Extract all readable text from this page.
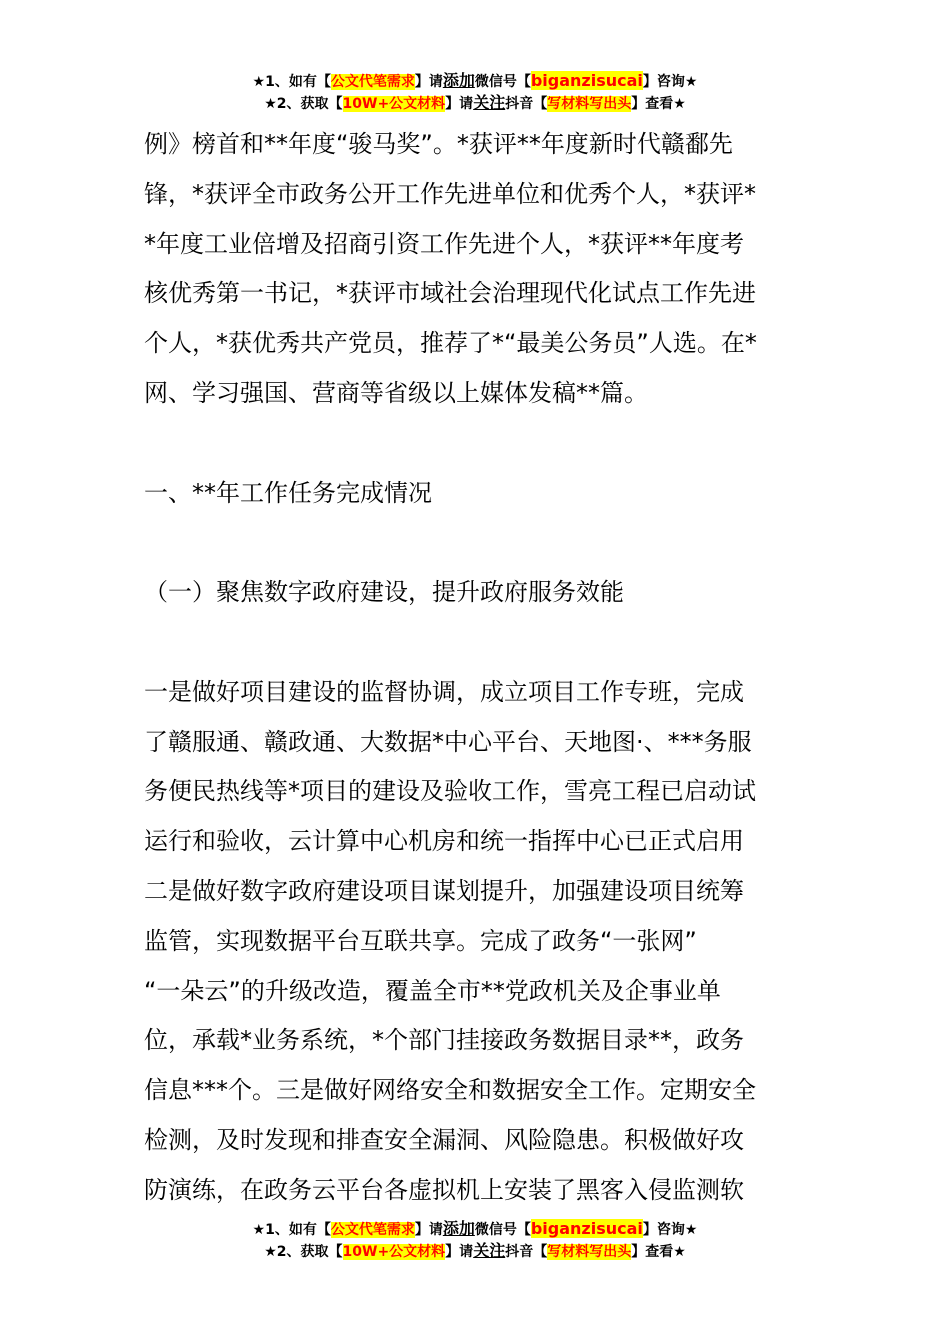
★1、如有【公文代笔需求】请添加微信号【biganzisucai】咨询★
★2、获取【10W+公文材料】请关注抖音【写材料写出头】查看★
例》榜首和**年度“骏马奖”。*获评**年度新时代赣鄱先
锋，*获评全市政务公开工作先进单位和优秀个人，*获评*
*年度工业倍增及招商引资工作先进个人，*获评**年度考
核优秀第一书记，*获评市域社会治理现代化试点工作先进
个人，*获优秀共产党员，推荐了*“最美公务员”人选。在*
网、学习强国、营商等省级以上媒体发稿**篇。
一、**年工作任务完成情况
（一）聚焦数字政府建设，提升政府服务效能
一是做好项目建设的监督协调，成立项目工作专班，完成
了赣服通、赣政通、大数据*中心平台、天地图·、***务服
务便民热线等*项目的建设及验收工作，雪亮工程已启动试
运行和验收，云计算中心机房和统一指挥中心已正式启用
二是做好数字政府建设项目谋划提升，加强建设项目统筹
监管，实现数据平台互联共享。完成了政务“一张网”
“一朵云”的升级改造，覆盖全市**党政机关及企事业单
位，承载*业务系统，*个部门挂接政务数据目录**，政务
信息***个。三是做好网络安全和数据安全工作。定期安全
检测，及时发现和排查安全漏洞、风险隐患。积极做好攻
防演练，在政务云平台各虚拟机上安装了黑客入侵监测软
★1、如有【公文代笔需求】请添加微信号【biganzisucai】咨询★
★2、获取【10W+公文材料】请关注抖音【写材料写出头】查看★
